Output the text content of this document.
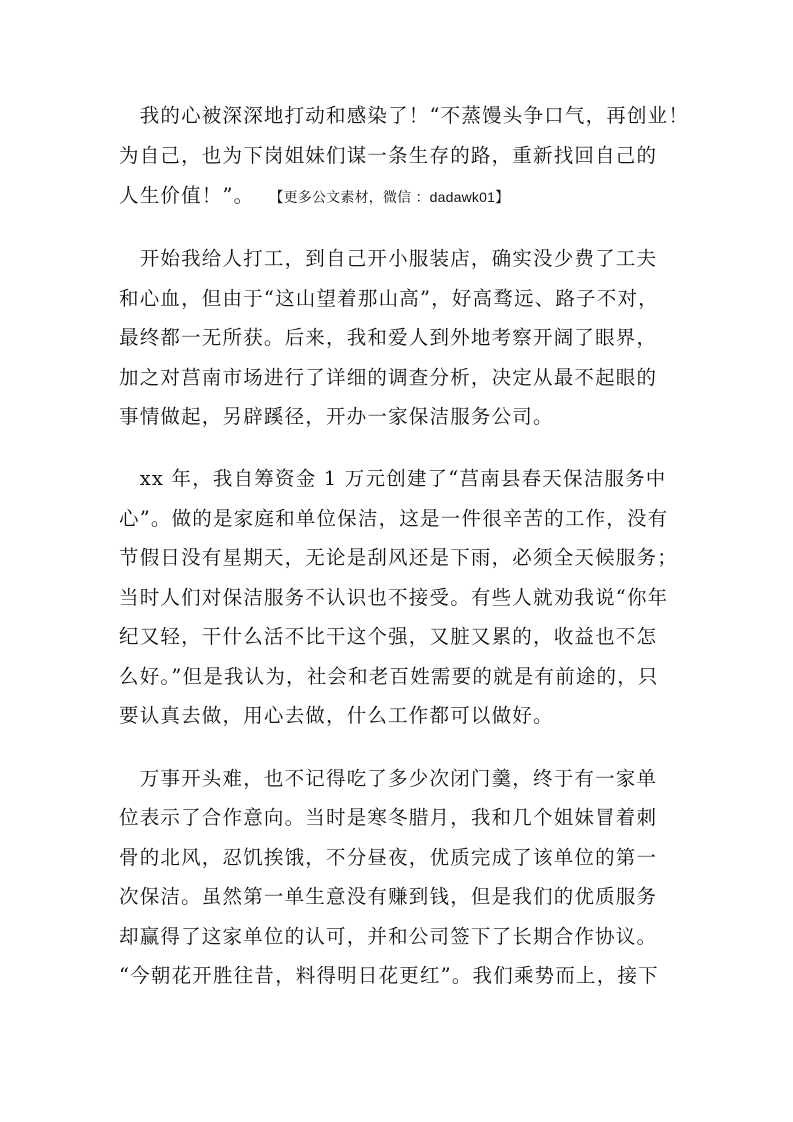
　我的心被深深地打动和感染了！“不蒸馒头争口气，再创业！
为自己，也为下岗姐妹们谋一条生存的路，重新找回自己的
人生价值！”。 【更多公文素材，微信 ：dadawk01】
　开始我给人打工，到自己开小服装店，确实没少费了工夫
和心血，但由于“这山望着那山高”，好高骛远、路子不对，
最终都一无所获。后来，我和爱人到外地考察开阔了眼界，
加之对莒南市场进行了详细的调查分析，决定从最不起眼的
事情做起，另辟蹊径，开办一家保洁服务公司。
　xx 年，我自筹资金 1 万元创建了“莒南县春天保洁服务中
心”。做的是家庭和单位保洁，这是一件很辛苦的工作，没有
节假日没有星期天，无论是刮风还是下雨，必须全天候服务；
当时人们对保洁服务不认识也不接受。有些人就劝我说“你年
纪又轻，干什么活不比干这个强，又脏又累的，收益也不怎
么好。”但是我认为，社会和老百姓需要的就是有前途的，只
要认真去做，用心去做，什么工作都可以做好。
　万事开头难，也不记得吃了多少次闭门羹，终于有一家单
位表示了合作意向。当时是寒冬腊月，我和几个姐妹冒着刺
骨的北风，忍饥挨饿，不分昼夜，优质完成了该单位的第一
次保洁。虽然第一单生意没有赚到钱，但是我们的优质服务
却赢得了这家单位的认可，并和公司签下了长期合作协议。
“今朝花开胜往昔，料得明日花更红”。我们乘势而上，接下
